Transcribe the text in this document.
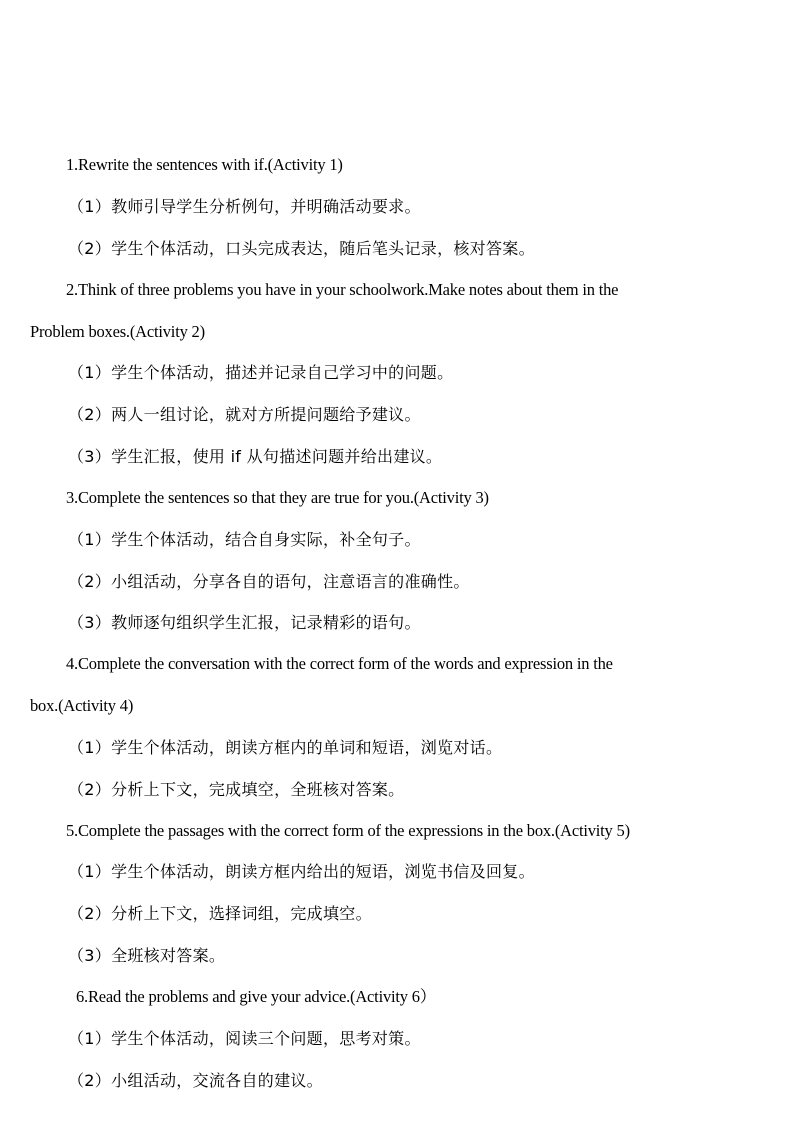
1.Rewrite the sentences with if.(Activity 1)
（1）教师引导学生分析例句，并明确活动要求。
（2）学生个体活动，口头完成表达，随后笔头记录，核对答案。
2.Think of three problems you have in your schoolwork.Make notes about them in the
Problem boxes.(Activity 2)
（1）学生个体活动，描述并记录自己学习中的问题。
（2）两人一组讨论，就对方所提问题给予建议。
（3）学生汇报，使用 if 从句描述问题并给出建议。
3.Complete the sentences so that they are true for you.(Activity 3)
（1）学生个体活动，结合自身实际，补全句子。
（2）小组活动，分享各自的语句，注意语言的准确性。
（3）教师逐句组织学生汇报，记录精彩的语句。
4.Complete the conversation with the correct form of the words and expression in the
box.(Activity 4)
（1）学生个体活动，朗读方框内的单词和短语，浏览对话。
（2）分析上下文，完成填空，全班核对答案。
5.Complete the passages with the correct form of the expressions in the box.(Activity 5)
（1）学生个体活动，朗读方框内给出的短语，浏览书信及回复。
（2）分析上下文，选择词组，完成填空。
（3）全班核对答案。
6.Read the problems and give your advice.(Activity 6）
（1）学生个体活动，阅读三个问题，思考对策。
（2）小组活动，交流各自的建议。
